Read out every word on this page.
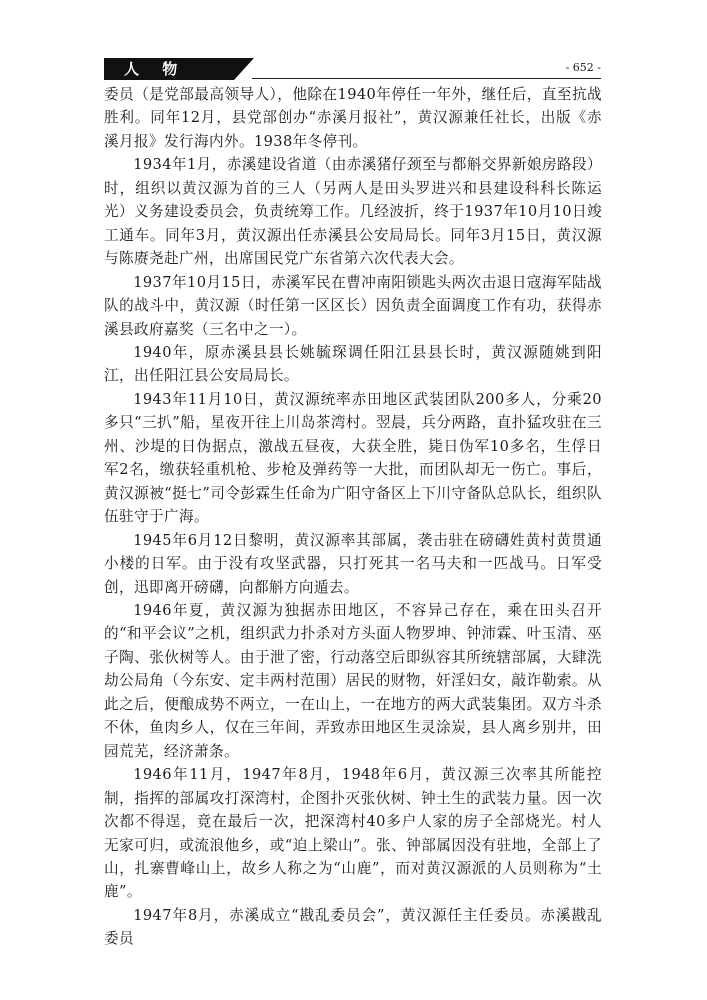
人 物	- 652 -

委员（是党部最高领导人），他除在1940年停任一年外，继任后，直至抗战胜利。同年12月，县党部创办“赤溪月报社”，黄汉源兼任社长，出版《赤溪月报》发行海内外。1938年冬停刊。

1934年1月，赤溪建设省道（由赤溪猪仔颈至与都斛交界新娘房路段）时，组织以黄汉源为首的三人（另两人是田头罗进兴和县建设科科长陈运光）义务建设委员会，负责统筹工作。几经波折，终于1937年10月10日竣工通车。同年3月，黄汉源出任赤溪县公安局局长。同年3月15日，黄汉源与陈赓尧赴广州，出席国民党广东省第六次代表大会。

1937年10月15日，赤溪军民在曹冲南阳锁匙头两次击退日寇海军陆战队的战斗中，黄汉源（时任第一区区长）因负责全面调度工作有功，获得赤溪县政府嘉奖（三名中之一）。

1940年，原赤溪县县长姚毓琛调任阳江县县长时，黄汉源随姚到阳江，出任阳江县公安局局长。

1943年11月10日，黄汉源统率赤田地区武装团队200多人，分乘20多只“三扒”船，星夜开往上川岛茶湾村。翌晨，兵分两路，直扑猛攻驻在三州、沙堤的日伪据点，激战五昼夜，大获全胜，毙日伪军10多名，生俘日军2名，缴获轻重机枪、步枪及弹药等一大批，而团队却无一伤亡。事后，黄汉源被“挺七”司令彭霖生任命为广阳守备区上下川守备队总队长，组织队伍驻守于广海。

1945年6月12日黎明，黄汉源率其部属，袭击驻在磅礴姓黄村黄贯通小楼的日军。由于没有攻坚武器，只打死其一名马夫和一匹战马。日军受创，迅即离开磅礴，向都斛方向遁去。

1946年夏，黄汉源为独据赤田地区，不容异己存在，乘在田头召开的“和平会议”之机，组织武力扑杀对方头面人物罗坤、钟沛霖、叶玉清、巫子陶、张伙树等人。由于泄了密，行动落空后即纵容其所统辖部属，大肆洗劫公局角（今东安、定丰两村范围）居民的财物，奸淫妇女，敲诈勒索。从此之后，便酿成势不两立，一在山上，一在地方的两大武装集团。双方斗杀不休，鱼肉乡人，仅在三年间，弄致赤田地区生灵涂炭，县人离乡别井，田园荒芜，经济萧条。

1946年11月，1947年8月，1948年6月，黄汉源三次率其所能控制，指挥的部属攻打深湾村，企图扑灭张伙树、钟土生的武装力量。因一次次都不得逞，竟在最后一次，把深湾村40多户人家的房子全部烧光。村人无家可归，或流浪他乡，或“迫上梁山”。张、钟部属因没有驻地，全部上了山，扎寨曹峰山上，故乡人称之为“山鹿”，而对黄汉源派的人员则称为“土鹿”。

1947年8月，赤溪成立“戡乱委员会”，黄汉源任主任委员。赤溪戡乱委员
